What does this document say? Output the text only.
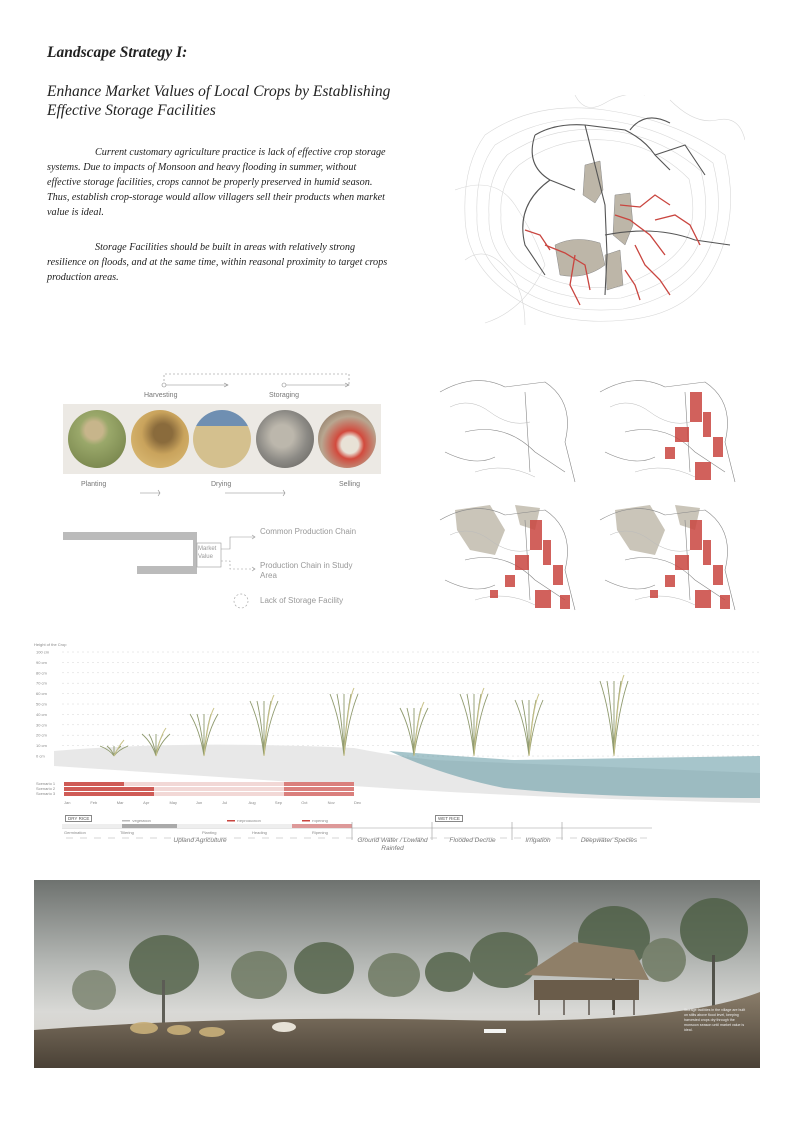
Landscape Strategy I:
Enhance Market Values of Local Crops by Establishing Effective Storage Facilities

Current customary agriculture practice is lack of effective crop storage systems. Due to impacts of Monsoon and heavy flooding in summer, without effective storage facilities, crops cannot be properly preserved in humid season. Thus, establish crop-storage would allow villagers sell their products when market value is ideal.

Storage Facilities should be built in areas with relatively strong resilience on floods, and at the same time, within reasonal proximity to target crops production areas.

Harvesting	Storaging
Planting	Drying	Selling
Market Value
Common Production Chain
Production Chain in Study Area
Lack of Storage Facility
Height of the Crop
100 cm
90 cm
80 cm
70 cm
60 cm
50 cm
40 cm
30 cm
20 cm
10 cm
0 cm
Scenario 1
Scenario 2
Scenario 3
Jan	Feb	Mar	Apr	May	Jun	Jul	Aug	Sep	Oct	Nov	Dec
DRY RICE	WET RICE
Vegetation	Reproduction	Ripening
Germination	Tillering	Planting	Heading	Ripening
Upland Agriculture	Ground Water / Lowland Rainfed
Flooded Decrue	Irrigation	Deepwater Species
Storage facilities in the village are built on stilts above flood level, keeping harvested crops dry through the monsoon season until market value is ideal.
